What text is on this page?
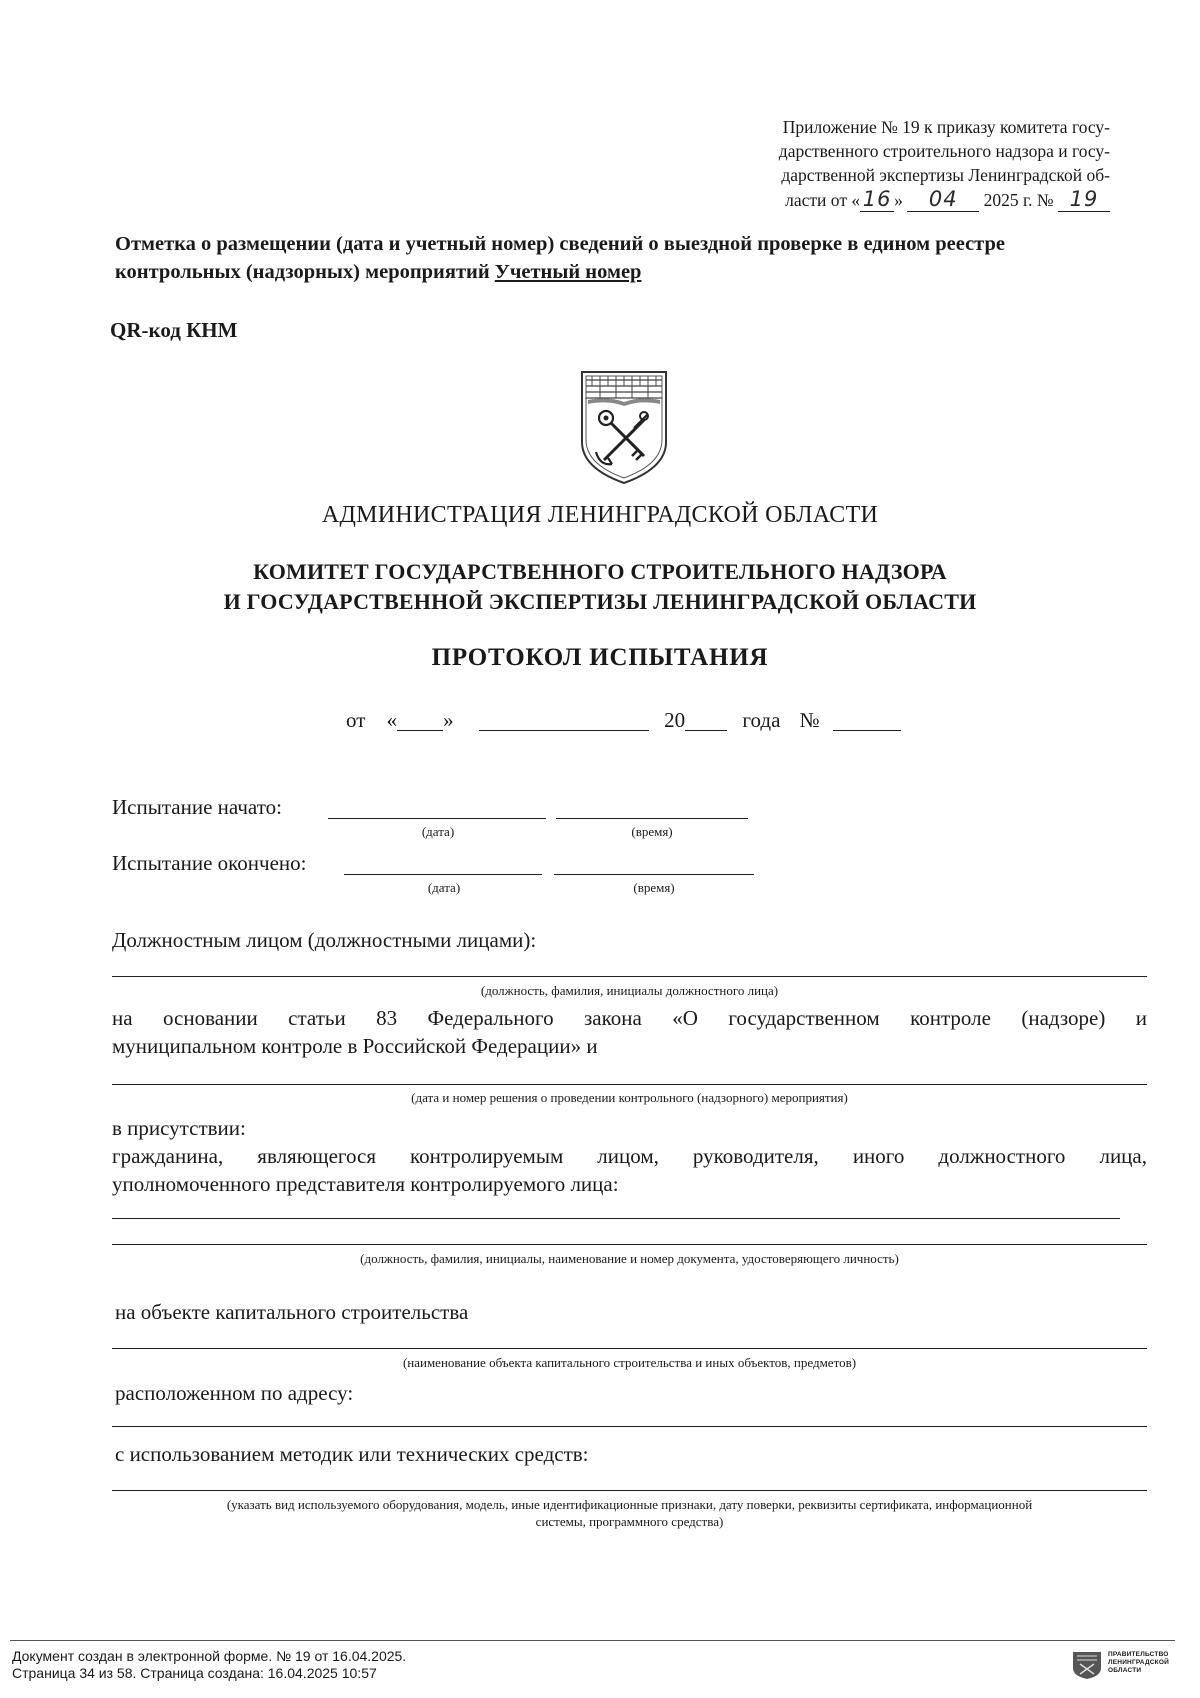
Приложение № 19 к приказу комитета госу-
дарственного строительного надзора и госу-
дарственной экспертизы Ленинградской об-
ласти от « 16 » 04 2025 г. № 19
Отметка о размещении (дата и учетный номер) сведений о выездной проверке в едином реестре контрольных (надзорных) мероприятий Учетный номер
QR-код КНМ
АДМИНИСТРАЦИЯ ЛЕНИНГРАДСКОЙ ОБЛАСТИ
КОМИТЕТ ГОСУДАРСТВЕННОГО СТРОИТЕЛЬНОГО НАДЗОРА
И ГОСУДАРСТВЕННОЙ ЭКСПЕРТИЗЫ ЛЕНИНГРАДСКОЙ ОБЛАСТИ
ПРОТОКОЛ ИСПЫТАНИЯ
от « »	20	года №
Испытание начато:
(дата)	(время)
Испытание окончено:
(дата)	(время)
Должностным лицом (должностными лицами):
(должность, фамилия, инициалы должностного лица)
на основании статьи 83 Федерального закона «О государственном контроле (надзоре) и
муниципальном контроле в Российской Федерации» и
(дата и номер решения о проведении контрольного (надзорного) мероприятия)
в присутствии:
гражданина, являющегося контролируемым лицом, руководителя, иного должностного лица,
уполномоченного представителя контролируемого лица:
(должность, фамилия, инициалы, наименование и номер документа, удостоверяющего личность)
на объекте капитального строительства
(наименование объекта капитального строительства и иных объектов, предметов)
расположенном по адресу:
с использованием методик или технических средств:
(указать вид используемого оборудования, модель, иные идентификационные признаки, дату поверки, реквизиты сертификата, информационной
системы, программного средства)
Документ создан в электронной форме. № 19 от 16.04.2025.
Страница 34 из 58. Страница создана: 16.04.2025 10:57
ПРАВИТЕЛЬСТВО
ЛЕНИНГРАДСКОЙ
ОБЛАСТИ
